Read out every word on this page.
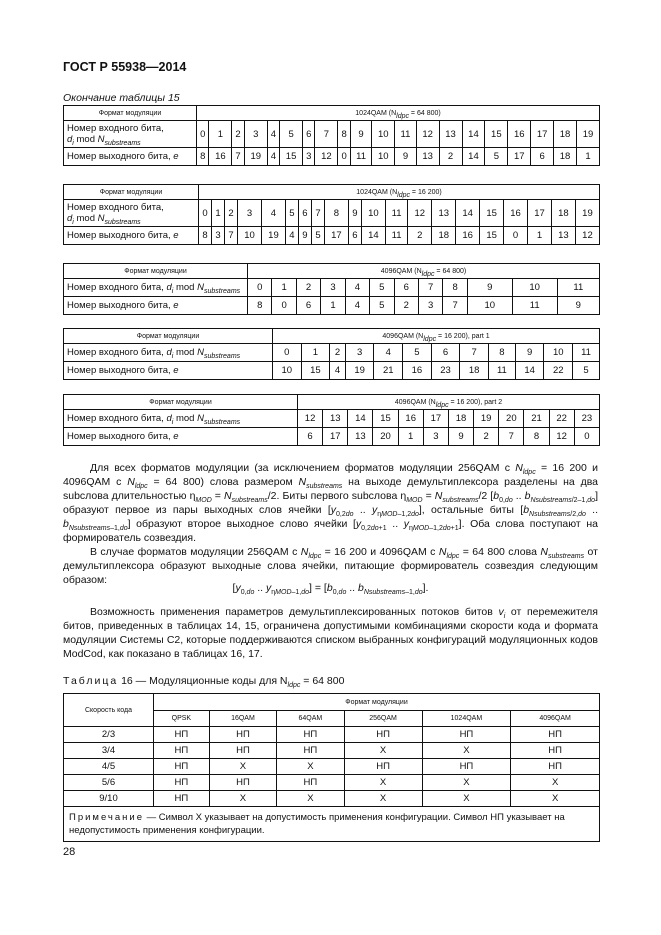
ГОСТ Р 55938—2014
Окончание таблицы 15
Формат модуляции	1024QAM ($N_{ldpc} = 64$ 800)																			
Номер входного бита,
$d_i$ mod $N_{substreams}$	0	1	2	3	4	5	6	7	8	9	10	11	12	13	14	15	16	17	18	19
Номер выходного бита, e	8	16	7	19	4	15	3	12	0	11	10	9	13	2	14	5	17	6	18	1
Формат модуляции	1024QAM ($N_{ldpc} = 16$ 200)																			
Номер входного бита,
$d_i$ mod $N_{substreams}$	0	1	2	3	4	5	6	7	8	9	10	11	12	13	14	15	16	17	18	19
Номер выходного бита, e	8	3	7	10	19	4	9	5	17	6	14	11	2	18	16	15	0	1	13	12
Формат модуляции	4096QAM ($N_{ldpc} = 64$ 800)											
Номер входного бита, $d_i$ mod $N_{substreams}$	0	1	2	3	4	5	6	7	8	9	10	11
Номер выходного бита, e	8	0	6	1	4	5	2	3	7	10	11	9
Формат модуляции	4096QAM ($N_{ldpc} = 16$ 200), part 1											
Номер входного бита, $d_i$ mod $N_{substreams}$	0	1	2	3	4	5	6	7	8	9	10	11
Номер выходного бита, e	10	15	4	19	21	16	23	18	11	14	22	5
Формат модуляции	4096QAM ($N_{ldpc} = 16$ 200), part 2											
Номер входного бита, $d_i$ mod $N_{substreams}$	12	13	14	15	16	17	18	19	20	21	22	23
Номер выходного бита, e	6	17	13	20	1	3	9	2	7	8	12	0

Для всех форматов модуляции (за исключением форматов модуляции 256QAM с $N_{ldpc} = 16$ 200 и 4096QAM с $N_{ldpc} = 64$ 800) слова размером $N_{substreams}$ на выходе демультиплексора разделены на два subслова длительностью $\eta_{MOD} = N_{substreams}/2$. Биты первого subслова $\eta_{MOD} = N_{substreams}/2$ [$b_{0,do}$ .. $b_{Nsubstreams/2-1,do}$] образуют первое из пары выходных слов ячейки [$y_{0,2do}$ .. $y_{\eta MOD-1,2do}$], остальные биты [$b_{Nsubstreams/2,do}$ .. $b_{Nsubstreams-1,do}$] образуют второе выходное слово ячейки [$y_{0,2do+1}$ .. $y_{\eta MOD-1,2do+1}$]. Оба слова поступают на формирователь созвездия.

В случае форматов модуляции 256QAM с $N_{ldpc} = 16$ 200 и 4096QAM с $N_{ldpc} = 64$ 800 слова $N_{substreams}$ от демультиплексора образуют выходные слова ячейки, питающие формирователь созвездия следующим образом:

[$y_{0,do}$ .. $y_{\eta MOD-1,do}] = [b_{0,do}$ .. $b_{Nsubstreams-1,do}$].

Возможность применения параметров демультиплексированных потоков битов $v_i$ от перемежителя битов, приведенных в таблицах 14, 15, ограничена допустимыми комбинациями скорости кода и формата модуляции Системы С2, которые поддерживаются списком выбранных конфигураций модуляционных кодов ModCod, как показано в таблицах 16, 17.

Таблица 16 — Модуляционные коды для $N_{ldpc} = 64$ 800
Скорость кода	Формат модуляции					
	QPSK	16QAM	64QAM	256QAM	1024QAM	4096QAM
2/3	НП	НП	НП	НП	НП	НП
3/4	НП	НП	НП	X	X	НП
4/5	НП	X	X	НП	НП	НП
5/6	НП	НП	НП	X	X	X
9/10	НП	X	X	X	X	X
Примечание — Символ X указывает на допустимость применения конфигурации. Символ НП указывает на недопустимость применения конфигурации.						
28
